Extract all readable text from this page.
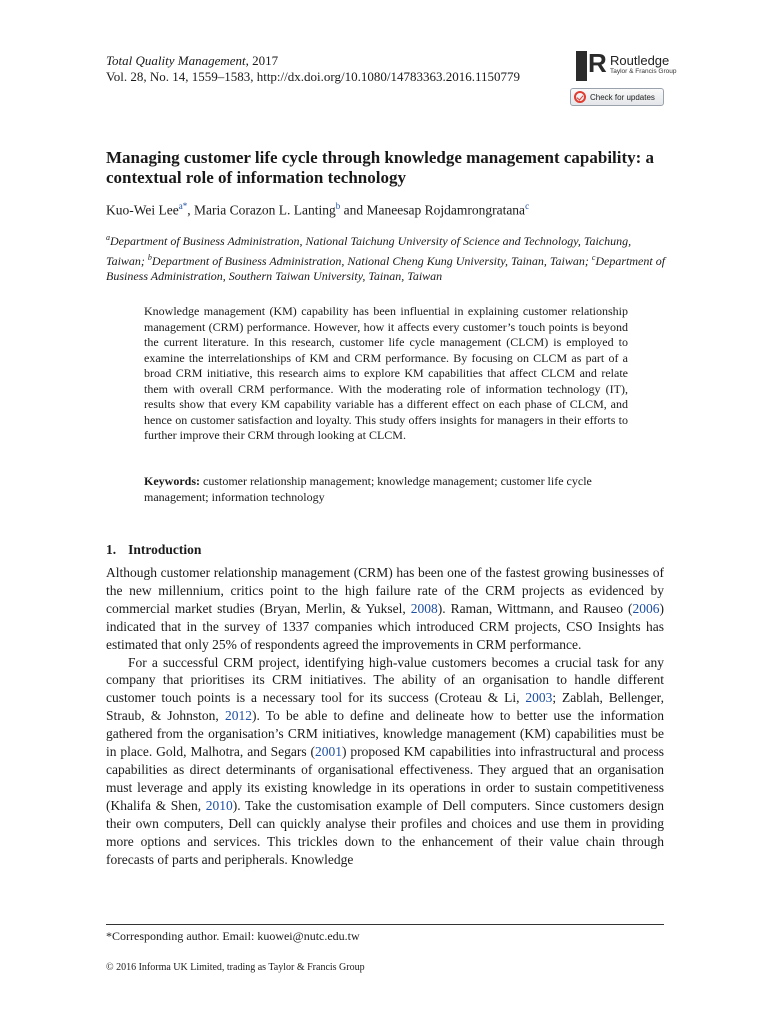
Total Quality Management, 2017
Vol. 28, No. 14, 1559–1583, http://dx.doi.org/10.1080/14783363.2016.1150779	R Routledge
Taylor & Francis Group
Check for updates
Managing customer life cycle through knowledge management capability: a contextual role of information technology
Kuo-Wei Lee$^{a*}$, Maria Corazon L. Lanting$^b$ and Maneesap Rojdamrongratana$^c$
$^a$Department of Business Administration, National Taichung University of Science and Technology, Taichung, Taiwan; $^b$Department of Business Administration, National Cheng Kung University, Tainan, Taiwan; $^c$Department of Business Administration, Southern Taiwan University, Tainan, Taiwan
Knowledge management (KM) capability has been influential in explaining customer relationship management (CRM) performance. However, how it affects every customer’s touch points is beyond the current literature. In this research, customer life cycle management (CLCM) is employed to examine the interrelationships of KM and CRM performance. By focusing on CLCM as part of a broad CRM initiative, this research aims to explore KM capabilities that affect CLCM and relate them with overall CRM performance. With the moderating role of information technology (IT), results show that every KM capability variable has a different effect on each phase of CLCM, and hence on customer satisfaction and loyalty. This study offers insights for managers in their efforts to further improve their CRM through looking at CLCM.
Keywords: customer relationship management; knowledge management; customer life cycle management; information technology
1. Introduction

Although customer relationship management (CRM) has been one of the fastest growing businesses of the new millennium, critics point to the high failure rate of the CRM projects as evidenced by commercial market studies (Bryan, Merlin, & Yuksel, 2008). Raman, Wittmann, and Rauseo (2006) indicated that in the survey of 1337 companies which introduced CRM projects, CSO Insights has estimated that only 25% of respondents agreed the improvements in CRM performance.

For a successful CRM project, identifying high-value customers becomes a crucial task for any company that prioritises its CRM initiatives. The ability of an organisation to handle different customer touch points is a necessary tool for its success (Croteau & Li, 2003; Zablah, Bellenger, Straub, & Johnston, 2012). To be able to define and delineate how to better use the information gathered from the organisation’s CRM initiatives, knowledge management (KM) capabilities must be in place. Gold, Malhotra, and Segars (2001) proposed KM capabilities into infrastructural and process capabilities as direct determinants of organisational effectiveness. They argued that an organisation must leverage and apply its existing knowledge in its operations in order to sustain competitiveness (Khalifa & Shen, 2010). Take the customisation example of Dell computers. Since customers design their own computers, Dell can quickly analyse their profiles and choices and use them in providing more options and services. This trickles down to the enhancement of their value chain through forecasts of parts and peripherals. Knowledge

*Corresponding author. Email: kuowei@nutc.edu.tw
© 2016 Informa UK Limited, trading as Taylor & Francis Group
